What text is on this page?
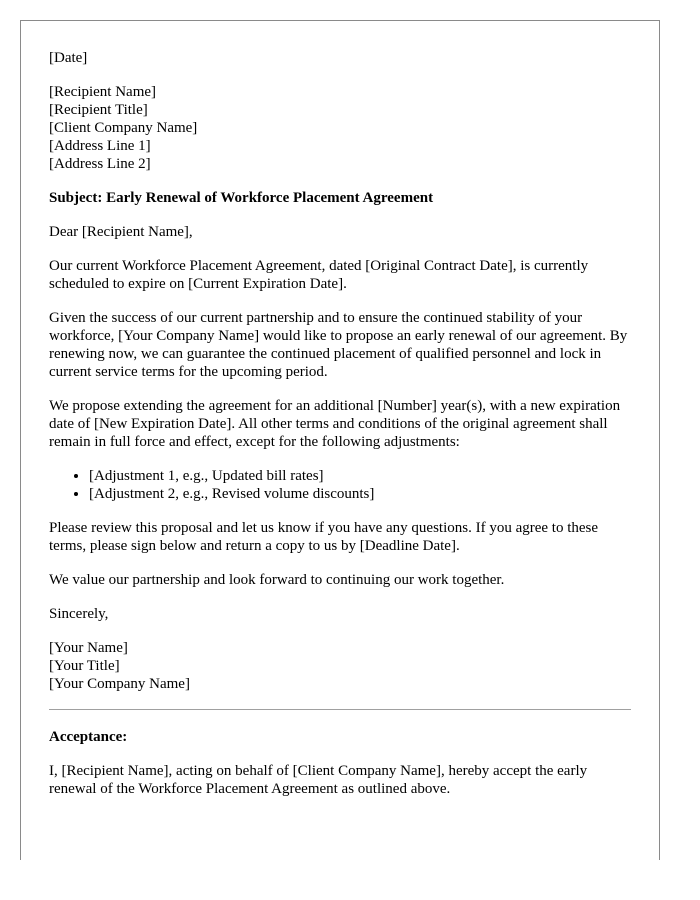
[Date]

[Recipient Name]
[Recipient Title]
[Client Company Name]
[Address Line 1]
[Address Line 2]

Subject: Early Renewal of Workforce Placement Agreement

Dear [Recipient Name],

Our current Workforce Placement Agreement, dated [Original Contract Date], is currently scheduled to expire on [Current Expiration Date].

Given the success of our current partnership and to ensure the continued stability of your workforce, [Your Company Name] would like to propose an early renewal of our agreement. By renewing now, we can guarantee the continued placement of qualified personnel and lock in current service terms for the upcoming period.

We propose extending the agreement for an additional [Number] year(s), with a new expiration date of [New Expiration Date]. All other terms and conditions of the original agreement shall remain in full force and effect, except for the following adjustments:

• [Adjustment 1, e.g., Updated bill rates]
• [Adjustment 2, e.g., Revised volume discounts]

Please review this proposal and let us know if you have any questions. If you agree to these terms, please sign below and return a copy to us by [Deadline Date].

We value our partnership and look forward to continuing our work together.

Sincerely,

[Your Name]
[Your Title]
[Your Company Name]

Acceptance:

I, [Recipient Name], acting on behalf of [Client Company Name], hereby accept the early renewal of the Workforce Placement Agreement as outlined above.
